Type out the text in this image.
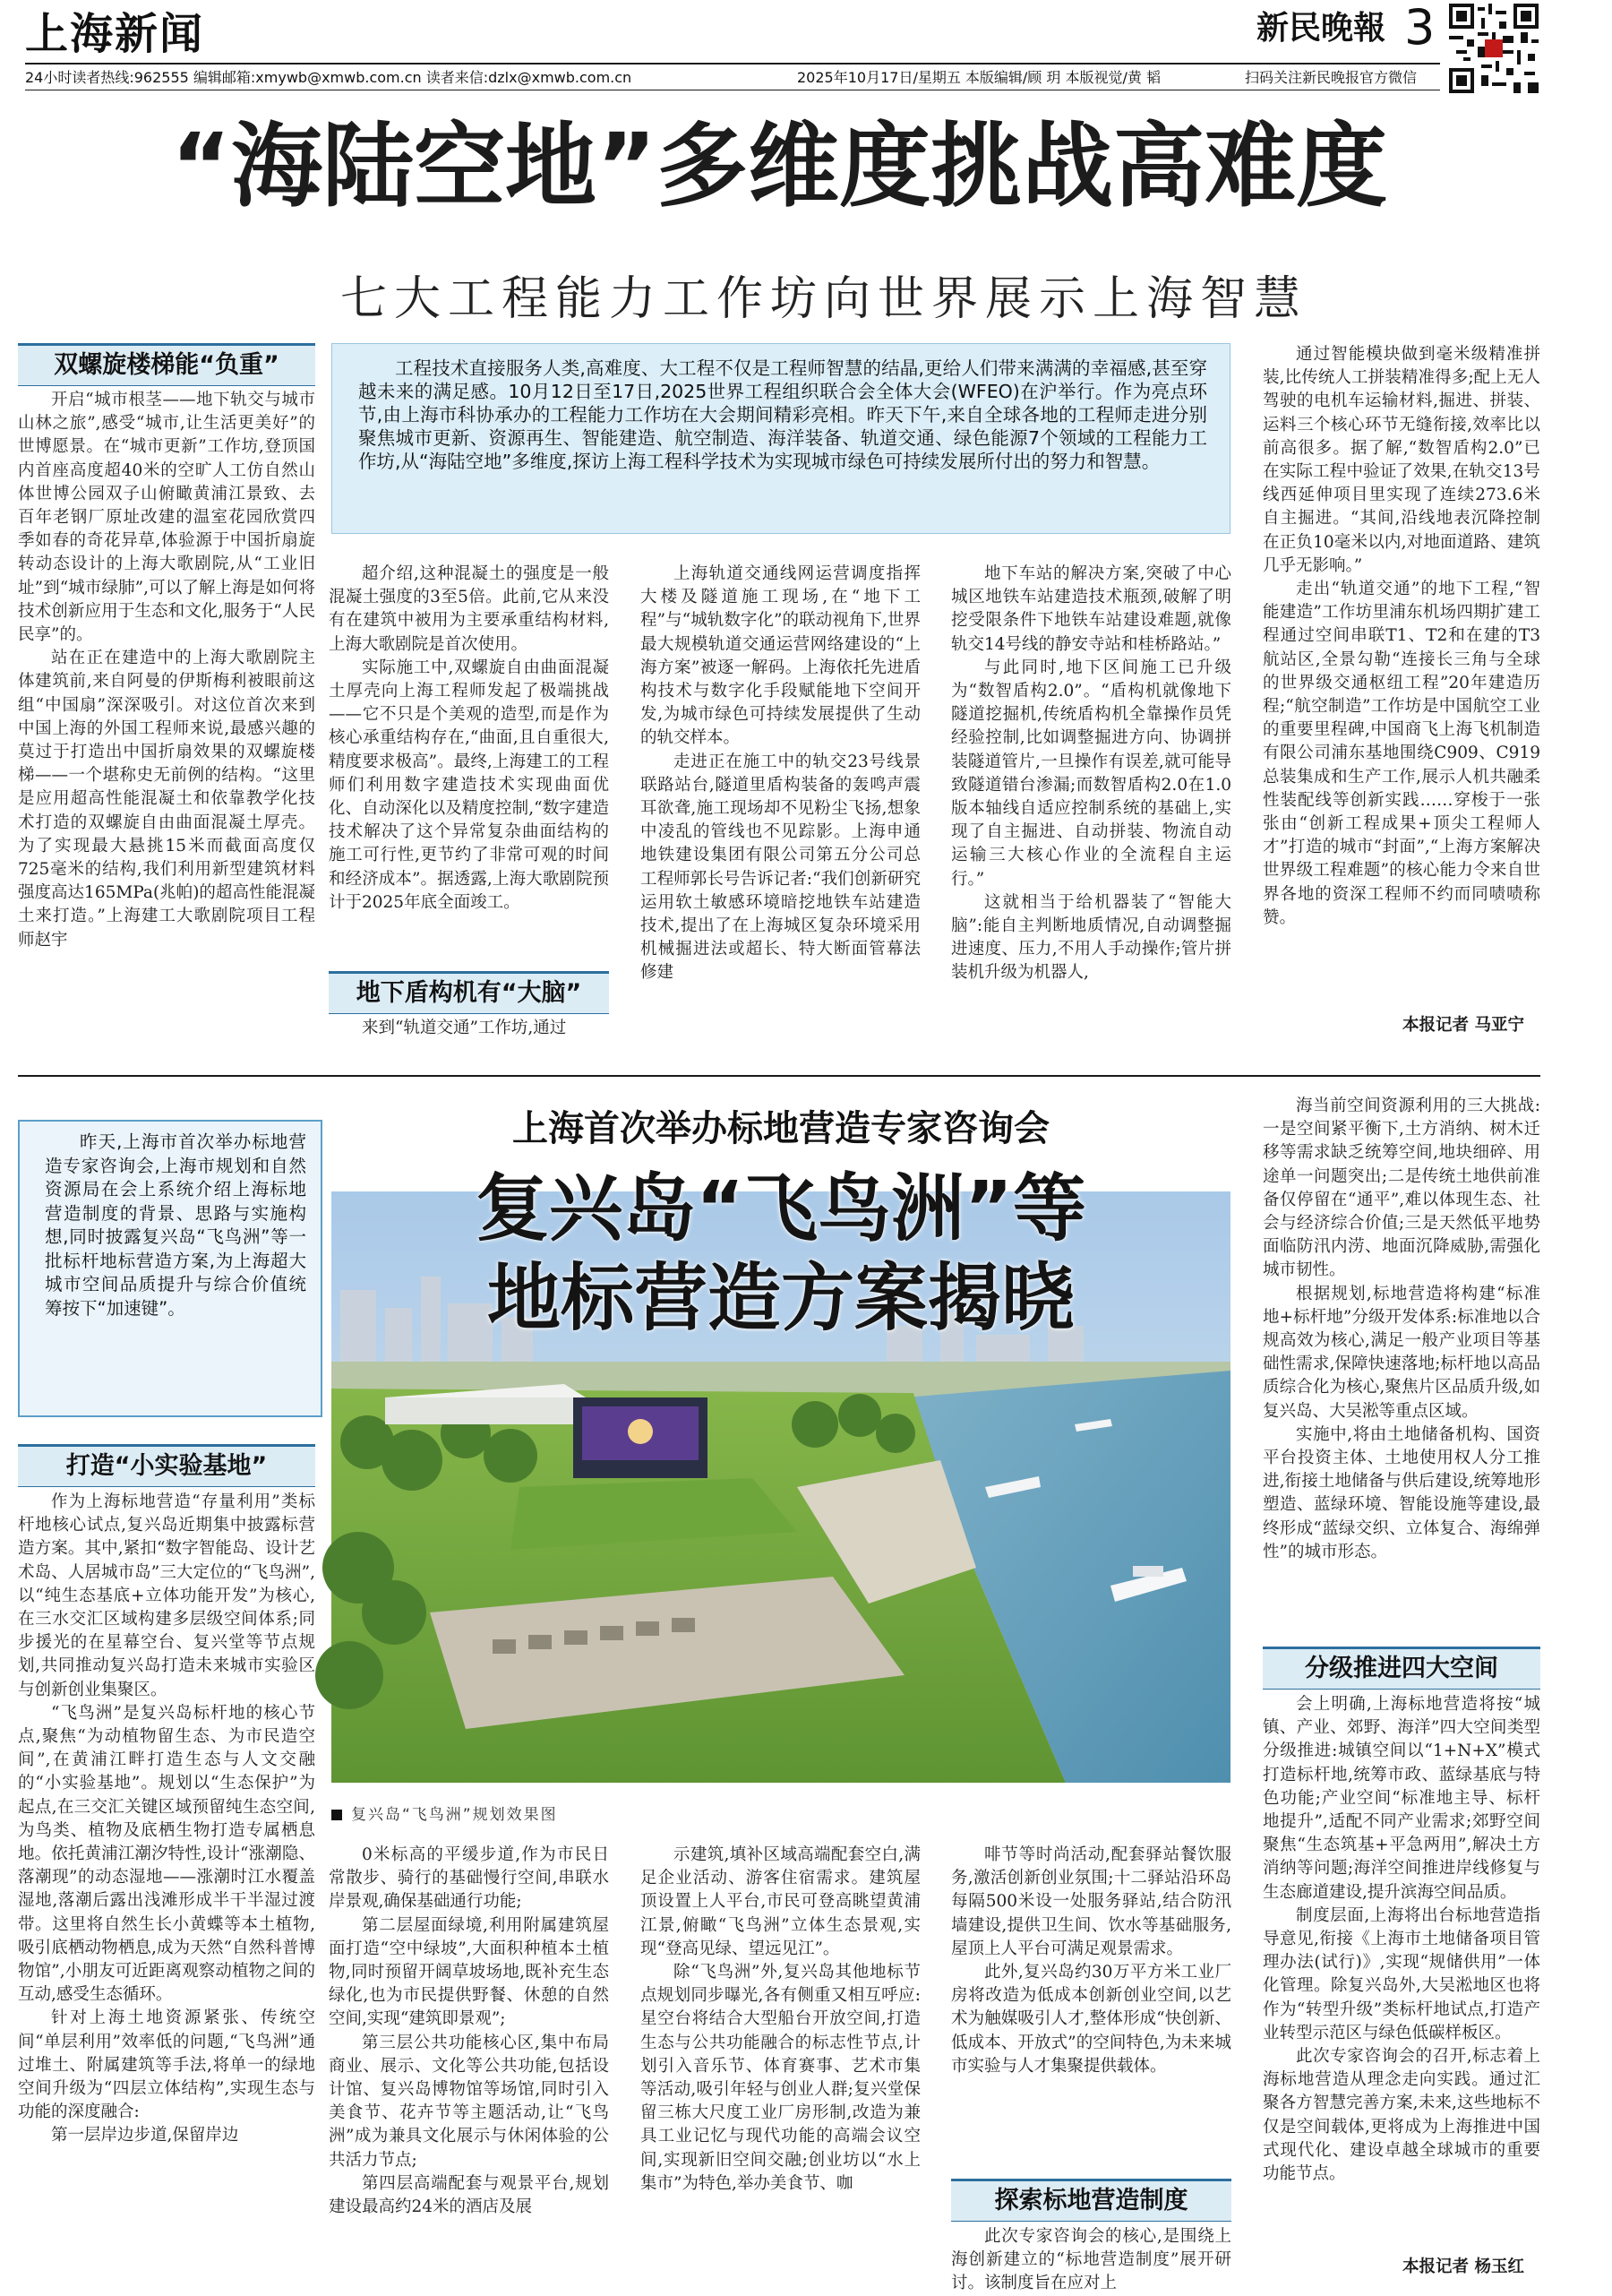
上海新闻	新民晚報 3
24小时读者热线:962555 编辑邮箱:xmywb@xmwb.com.cn 读者来信:dzlx@xmwb.com.cn	2025年10月17日/星期五 本版编辑/顾 玥 本版视觉/黄 韬	扫码关注新民晚报官方微信
“海陆空地”多维度挑战高难度
七大工程能力工作坊向世界展示上海智慧
双螺旋楼梯能“负重”

开启“城市根茎——地下轨交与城市山林之旅”,感受“城市,让生活更美好”的世博愿景。在“城市更新”工作坊,登顶国内首座高度超40米的空旷人工仿自然山体世博公园双子山俯瞰黄浦江景致、去百年老钢厂原址改建的温室花园欣赏四季如春的奇花异草,体验源于中国折扇旋转动态设计的上海大歌剧院,从“工业旧址”到“城市绿肺”,可以了解上海是如何将技术创新应用于生态和文化,服务于“人民民享”的。

站在正在建造中的上海大歌剧院主体建筑前,来自阿曼的伊斯梅利被眼前这组“中国扇”深深吸引。对这位首次来到中国上海的外国工程师来说,最感兴趣的莫过于打造出中国折扇效果的双螺旋楼梯——一个堪称史无前例的结构。“这里是应用超高性能混凝土和依靠教学化技术打造的双螺旋自由曲面混凝土厚壳。为了实现最大悬挑15米而截面高度仅725毫米的结构,我们利用新型建筑材料强度高达165MPa(兆帕)的超高性能混凝土来打造。”上海建工大歌剧院项目工程师赵宇

工程技术直接服务人类,高难度、大工程不仅是工程师智慧的结晶,更给人们带来满满的幸福感,甚至穿越未来的满足感。10月12日至17日,2025世界工程组织联合会全体大会(WFEO)在沪举行。作为亮点环节,由上海市科协承办的工程能力工作坊在大会期间精彩亮相。昨天下午,来自全球各地的工程师走进分别聚焦城市更新、资源再生、智能建造、航空制造、海洋装备、轨道交通、绿色能源7个领域的工程能力工作坊,从“海陆空地”多维度,探访上海工程科学技术为实现城市绿色可持续发展所付出的努力和智慧。

超介绍,这种混凝土的强度是一般混凝土强度的3至5倍。此前,它从来没有在建筑中被用为主要承重结构材料,上海大歌剧院是首次使用。

实际施工中,双螺旋自由曲面混凝土厚壳向上海工程师发起了极端挑战——它不只是个美观的造型,而是作为核心承重结构存在,“曲面,且自重很大,精度要求极高”。最终,上海建工的工程师们利用数字建造技术实现曲面优化、自动深化以及精度控制,“数字建造技术解决了这个异常复杂曲面结构的施工可行性,更节约了非常可观的时间和经济成本”。据透露,上海大歌剧院预计于2025年底全面竣工。

地下盾构机有“大脑”
来到“轨道交通”工作坊,通过

上海轨道交通线网运营调度指挥大楼及隧道施工现场,在“地下工程”与“城轨数字化”的联动视角下,世界最大规模轨道交通运营网络建设的“上海方案”被逐一解码。上海依托先进盾构技术与数字化手段赋能地下空间开发,为城市绿色可持续发展提供了生动的轨交样本。

走进正在施工中的轨交23号线景联路站台,隧道里盾构装备的轰鸣声震耳欲聋,施工现场却不见粉尘飞扬,想象中凌乱的管线也不见踪影。上海申通地铁建设集团有限公司第五分公司总工程师郭长号告诉记者:“我们创新研究运用软土敏感环境暗挖地铁车站建造技术,提出了在上海城区复杂环境采用机械掘进法或超长、特大断面管幕法修建

地下车站的解决方案,突破了中心城区地铁车站建造技术瓶颈,破解了明挖受限条件下地铁车站建设难题,就像轨交14号线的静安寺站和桂桥路站。”

与此同时,地下区间施工已升级为“数智盾构2.0”。“盾构机就像地下隧道挖掘机,传统盾构机全靠操作员凭经验控制,比如调整掘进方向、协调拼装隧道管片,一旦操作有误差,就可能导致隧道错台渗漏;而数智盾构2.0在1.0版本轴线自适应控制系统的基础上,实现了自主掘进、自动拼装、物流自动运输三大核心作业的全流程自主运行。”

这就相当于给机器装了“智能大脑”:能自主判断地质情况,自动调整掘进速度、压力,不用人手动操作;管片拼装机升级为机器人,

通过智能模块做到毫米级精准拼装,比传统人工拼装精准得多;配上无人驾驶的电机车运输材料,掘进、拼装、运料三个核心环节无缝衔接,效率比以前高很多。据了解,“数智盾构2.0”已在实际工程中验证了效果,在轨交13号线西延伸项目里实现了连续273.6米自主掘进。“其间,沿线地表沉降控制在正负10毫米以内,对地面道路、建筑几乎无影响。”

走出“轨道交通”的地下工程,“智能建造”工作坊里浦东机场四期扩建工程通过空间串联T1、T2和在建的T3航站区,全景勾勒“连接长三角与全球的世界级交通枢纽工程”20年建造历程;“航空制造”工作坊是中国航空工业的重要里程碑,中国商飞上海飞机制造有限公司浦东基地围绕C909、C919总装集成和生产工作,展示人机共融柔性装配线等创新实践……穿梭于一张张由“创新工程成果+顶尖工程师人才”打造的城市“封面”,“上海方案解决世界级工程难题”的核心能力令来自世界各地的资深工程师不约而同啧啧称赞。

本报记者 马亚宁
昨天,上海市首次举办标地营造专家咨询会,上海市规划和自然资源局在会上系统介绍上海标地营造制度的背景、思路与实施构想,同时披露复兴岛“飞鸟洲”等一批标杆地标营造方案,为上海超大城市空间品质提升与综合价值统筹按下“加速键”。
打造“小实验基地”

作为上海标地营造“存量利用”类标杆地核心试点,复兴岛近期集中披露标营造方案。其中,紧扣“数字智能岛、设计艺术岛、人居城市岛”三大定位的“飞鸟洲”,以“纯生态基底+立体功能开发”为核心,在三水交汇区域构建多层级空间体系;同步援光的在星幕空台、复兴堂等节点规划,共同推动复兴岛打造未来城市实验区与创新创业集聚区。

“飞鸟洲”是复兴岛标杆地的核心节点,聚焦“为动植物留生态、为市民造空间”,在黄浦江畔打造生态与人文交融的“小实验基地”。规划以“生态保护”为起点,在三交汇关键区域预留纯生态空间,为鸟类、植物及底栖生物打造专属栖息地。依托黄浦江潮汐特性,设计“涨潮隐、落潮现”的动态湿地——涨潮时江水覆盖湿地,落潮后露出浅滩形成半干半湿过渡带。这里将自然生长小黄蝶等本土植物,吸引底栖动物栖息,成为天然“自然科普博物馆”,小朋友可近距离观察动植物之间的互动,感受生态循环。

针对上海土地资源紧张、传统空间“单层利用”效率低的问题,“飞鸟洲”通过堆土、附属建筑等手法,将单一的绿地空间升级为“四层立体结构”,实现生态与功能的深度融合:

第一层岸边步道,保留岸边

上海首次举办标地营造专家咨询会
复兴岛“飞鸟洲”等
地标营造方案揭晓
复兴岛“飞鸟洲”规划效果图

0米标高的平缓步道,作为市民日常散步、骑行的基础慢行空间,串联水岸景观,确保基础通行功能;

第二层屋面绿境,利用附属建筑屋面打造“空中绿坡”,大面积种植本土植物,同时预留开阔草坡场地,既补充生态绿化,也为市民提供野餐、休憩的自然空间,实现“建筑即景观”;

第三层公共功能核心区,集中布局商业、展示、文化等公共功能,包括设计馆、复兴岛博物馆等场馆,同时引入美食节、花卉节等主题活动,让“飞鸟洲”成为兼具文化展示与休闲体验的公共活力节点;

第四层高端配套与观景平台,规划建设最高约24米的酒店及展

示建筑,填补区域高端配套空白,满足企业活动、游客住宿需求。建筑屋顶设置上人平台,市民可登高眺望黄浦江景,俯瞰“飞鸟洲”立体生态景观,实现“登高见绿、望远见江”。

除“飞鸟洲”外,复兴岛其他地标节点规划同步曝光,各有侧重又相互呼应:星空台将结合大型船台开放空间,打造生态与公共功能融合的标志性节点,计划引入音乐节、体育赛事、艺术市集等活动,吸引年轻与创业人群;复兴堂保留三栋大尺度工业厂房形制,改造为兼具工业记忆与现代功能的高端会议空间,实现新旧空间交融;创业坊以“水上集市”为特色,举办美食节、咖

啡节等时尚活动,配套驿站餐饮服务,激活创新创业氛围;十二驿站沿环岛每隔500米设一处服务驿站,结合防汛墙建设,提供卫生间、饮水等基础服务,屋顶上人平台可满足观景需求。

此外,复兴岛约30万平方米工业厂房将改造为低成本创新创业空间,以艺术为触媒吸引人才,整体形成“快创新、低成本、开放式”的空间特色,为未来城市实验与人才集聚提供载体。

探索标地营造制度
此次专家咨询会的核心,是围绕上海创新建立的“标地营造制度”展开研讨。该制度旨在应对上

海当前空间资源利用的三大挑战:一是空间紧平衡下,土方消纳、树木迁移等需求缺乏统筹空间,地块细碎、用途单一问题突出;二是传统土地供前准备仅停留在“通平”,难以体现生态、社会与经济综合价值;三是天然低平地势面临防汛内涝、地面沉降威胁,需强化城市韧性。

根据规划,标地营造将构建“标准地+标杆地”分级开发体系:标准地以合规高效为核心,满足一般产业项目等基础性需求,保障快速落地;标杆地以高品质综合化为核心,聚焦片区品质升级,如复兴岛、大吴淞等重点区域。

实施中,将由土地储备机构、国资平台投资主体、土地使用权人分工推进,衔接土地储备与供后建设,统筹地形塑造、蓝绿环境、智能设施等建设,最终形成“蓝绿交织、立体复合、海绵弹性”的城市形态。

分级推进四大空间

会上明确,上海标地营造将按“城镇、产业、郊野、海洋”四大空间类型分级推进:城镇空间以“1+N+X”模式打造标杆地,统筹市政、蓝绿基底与特色功能;产业空间“标准地主导、标杆地提升”,适配不同产业需求;郊野空间聚焦“生态筑基+平急两用”,解决土方消纳等问题;海洋空间推进岸线修复与生态廊道建设,提升滨海空间品质。

制度层面,上海将出台标地营造指导意见,衔接《上海市土地储备项目管理办法(试行)》,实现“规储供用”一体化管理。除复兴岛外,大吴淞地区也将作为“转型升级”类标杆地试点,打造产业转型示范区与绿色低碳样板区。

此次专家咨询会的召开,标志着上海标地营造从理念走向实践。通过汇聚各方智慧完善方案,未来,这些地标不仅是空间载体,更将成为上海推进中国式现代化、建设卓越全球城市的重要功能节点。

本报记者 杨玉红
